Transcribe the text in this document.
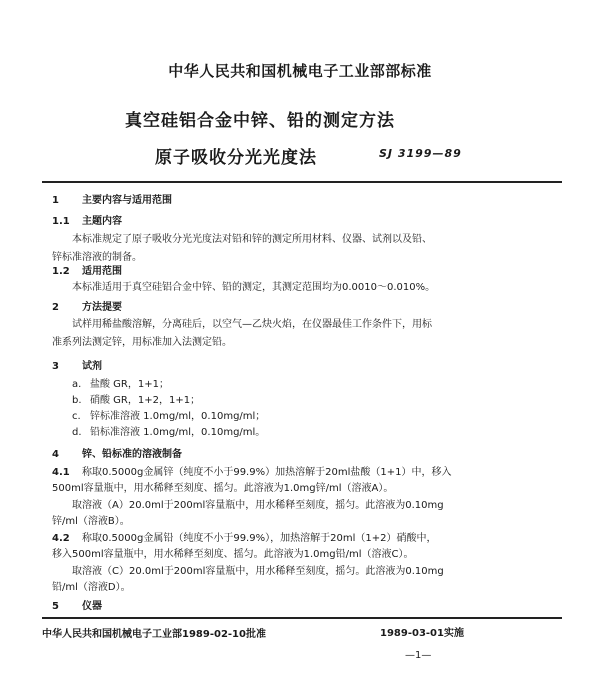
中华人民共和国机械电子工业部部标准
真空硅铝合金中锌、铅的测定方法
原子吸收分光光度法	SJ 3199—89
1 主要内容与适用范围
1.1 主题内容
本标准规定了原子吸收分光光度法对铅和锌的测定所用材料、仪器、试剂以及铅、
锌标准溶液的制备。
1.2 适用范围
本标准适用于真空硅铝合金中锌、铅的测定，其测定范围均为0.0010～0.010%。
2 方法提要
试样用稀盐酸溶解，分离硅后，以空气—乙炔火焰，在仪器最佳工作条件下，用标
准系列法测定锌，用标准加入法测定铅。
3 试剂
a. 盐酸 GR，1+1；
b. 硝酸 GR，1+2，1+1；
c. 锌标准溶液 1.0mg/ml，0.10mg/ml；
d. 铅标准溶液 1.0mg/ml，0.10mg/ml。
4 锌、铅标准的溶液制备
4.1 称取0.5000g金属锌（纯度不小于99.9%）加热溶解于20ml盐酸（1+1）中，移入
500ml容量瓶中，用水稀释至刻度、摇匀。此溶液为1.0mg锌/ml（溶液A）。
取溶液（A）20.0ml于200ml容量瓶中，用水稀释至刻度，摇匀。此溶液为0.10mg
锌/ml（溶液B）。
4.2 称取0.5000g金属铅（纯度不小于99.9%），加热溶解于20ml（1+2）硝酸中，
移入500ml容量瓶中，用水稀释至刻度、摇匀。此溶液为1.0mg铅/ml（溶液C）。
取溶液（C）20.0ml于200ml容量瓶中，用水稀释至刻度，摇匀。此溶液为0.10mg
铅/ml（溶液D）。
5 仪器
中华人民共和国机械电子工业部1989-02-10批准	1989-03-01实施
—1—
